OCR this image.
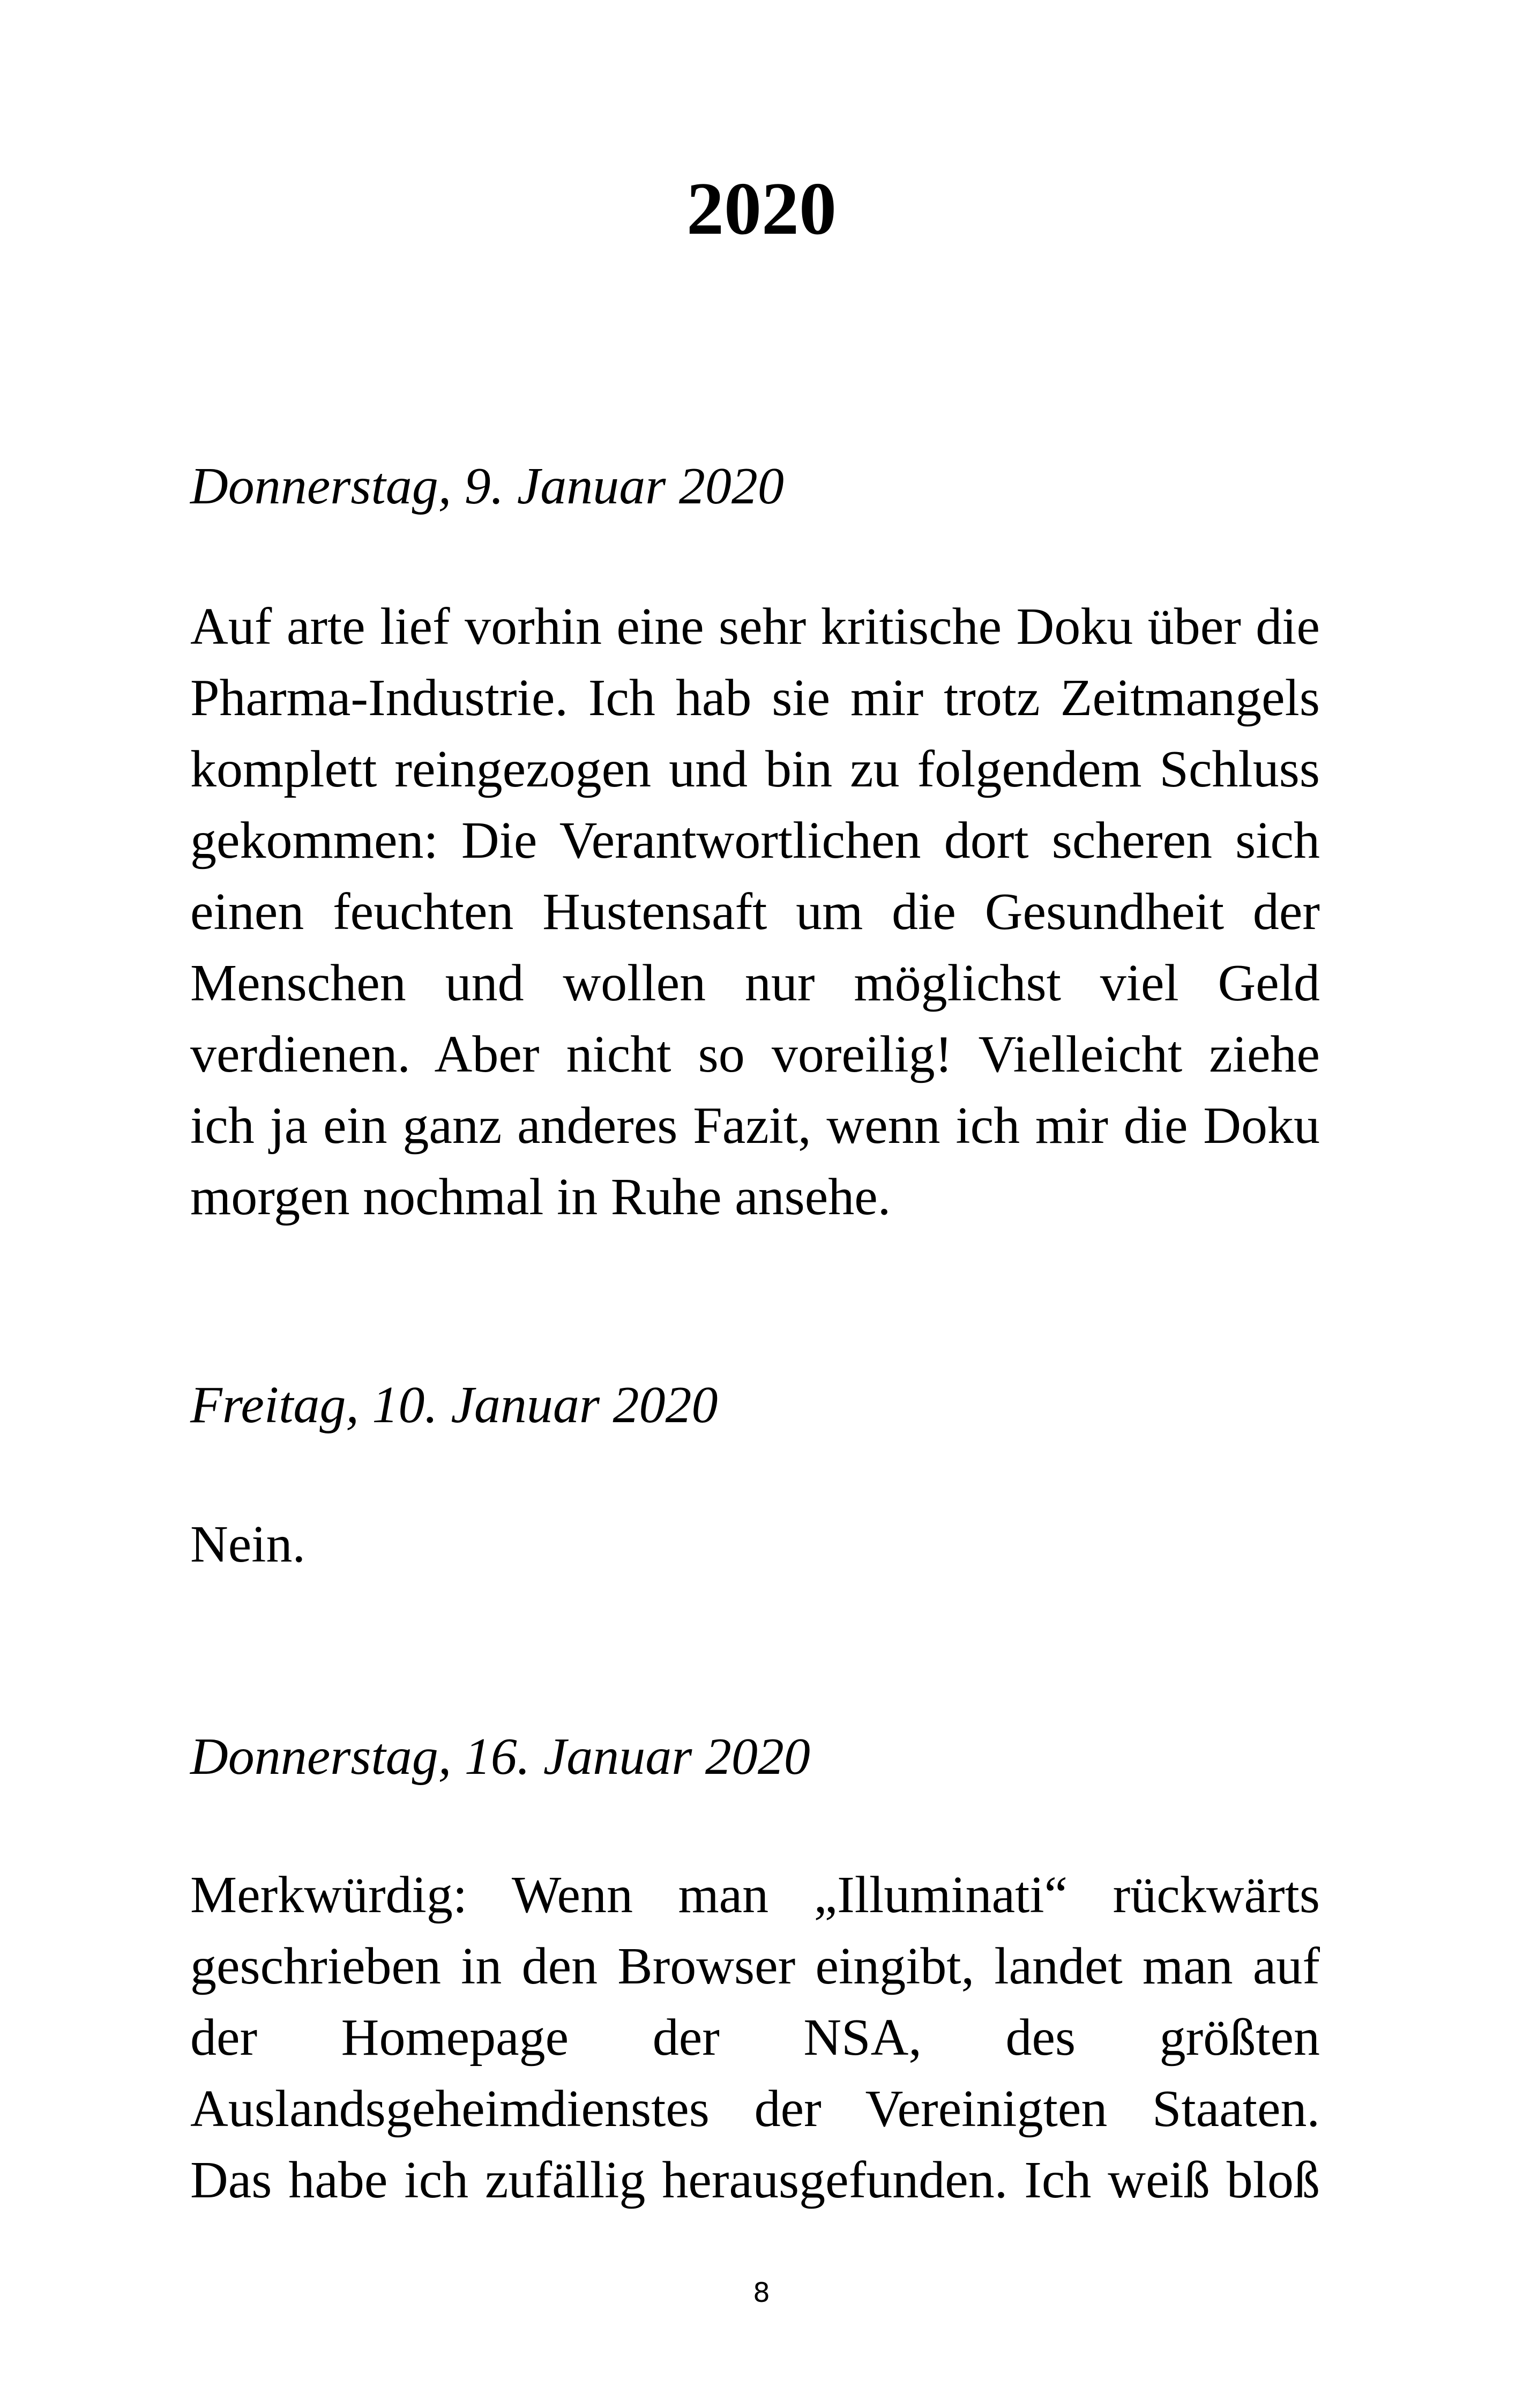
2020
Donnerstag, 9. Januar 2020
Auf arte lief vorhin eine sehr kritische Doku über die
Pharma-Industrie. Ich hab sie mir trotz Zeitmangels
komplett reingezogen und bin zu folgendem Schluss
gekommen: Die Verantwortlichen dort scheren sich
einen feuchten Hustensaft um die Gesundheit der
Menschen und wollen nur möglichst viel Geld
verdienen. Aber nicht so voreilig! Vielleicht ziehe
ich ja ein ganz anderes Fazit, wenn ich mir die Doku
morgen nochmal in Ruhe ansehe.
Freitag, 10. Januar 2020
Nein.
Donnerstag, 16. Januar 2020
Merkwürdig: Wenn man „Illuminati“ rückwärts
geschrieben in den Browser eingibt, landet man auf
der Homepage der NSA, des größten
Auslandsgeheimdienstes der Vereinigten Staaten.
Das habe ich zufällig herausgefunden. Ich weiß bloß
8
